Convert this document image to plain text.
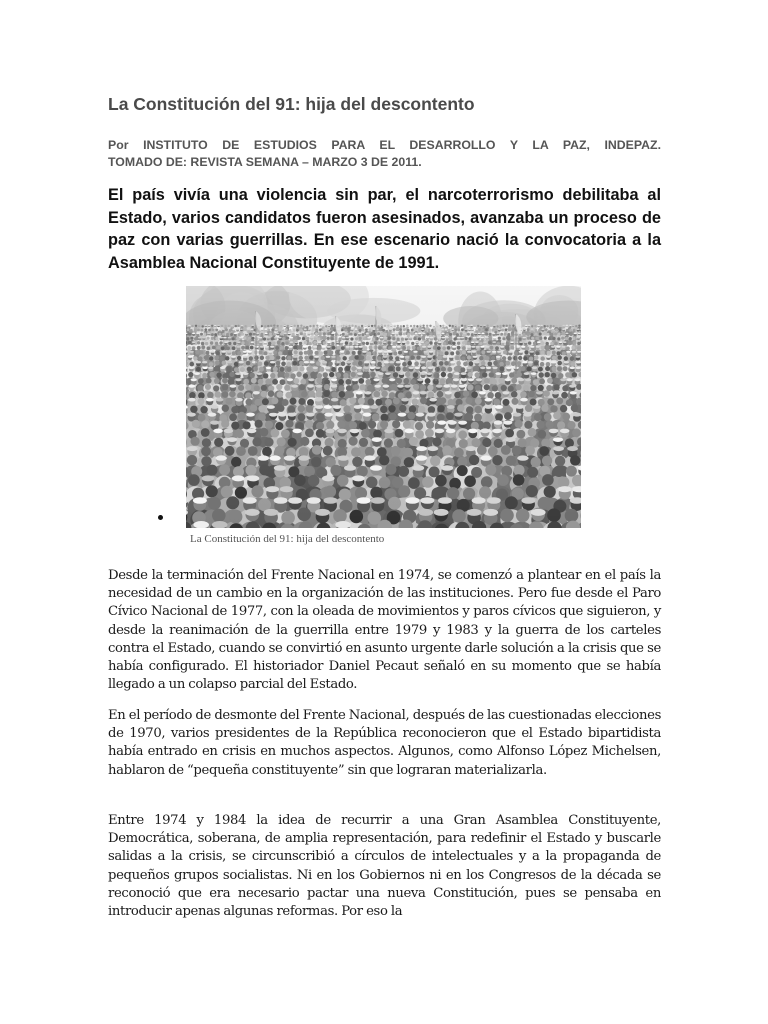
La Constitución del 91: hija del descontento

Por INSTITUTO DE ESTUDIOS PARA EL DESARROLLO Y LA PAZ, INDEPAZ.
TOMADO DE: REVISTA SEMANA – MARZO 3 DE 2011.

El país vivía una violencia sin par, el narcoterrorismo debilitaba al Estado, varios candidatos fueron asesinados, avanzaba un proceso de paz con varias guerrillas. En ese escenario nació la convocatoria a la Asamblea Nacional Constituyente de 1991.

La Constitución del 91: hija del descontento

Desde la terminación del Frente Nacional en 1974, se comenzó a plantear en el país la necesidad de un cambio en la organización de las instituciones. Pero fue desde el Paro Cívico Nacional de 1977, con la oleada de movimientos y paros cívicos que siguieron, y desde la reanimación de la guerrilla entre 1979 y 1983 y la guerra de los carteles contra el Estado, cuando se convirtió en asunto urgente darle solución a la crisis que se había configurado. El historiador Daniel Pecaut señaló en su momento que se había llegado a un colapso parcial del Estado.

En el período de desmonte del Frente Nacional, después de las cuestionadas elecciones de 1970, varios presidentes de la República reconocieron que el Estado bipartidista había entrado en crisis en muchos aspectos. Algunos, como Alfonso López Michelsen, hablaron de “pequeña constituyente” sin que lograran materializarla.

Entre 1974 y 1984 la idea de recurrir a una Gran Asamblea Constituyente, Democrática, soberana, de amplia representación, para redefinir el Estado y buscarle salidas a la crisis, se circunscribió a círculos de intelectuales y a la propaganda de pequeños grupos socialistas. Ni en los Gobiernos ni en los Congresos de la década se reconoció que era necesario pactar una nueva Constitución, pues se pensaba en introducir apenas algunas reformas. Por eso la
